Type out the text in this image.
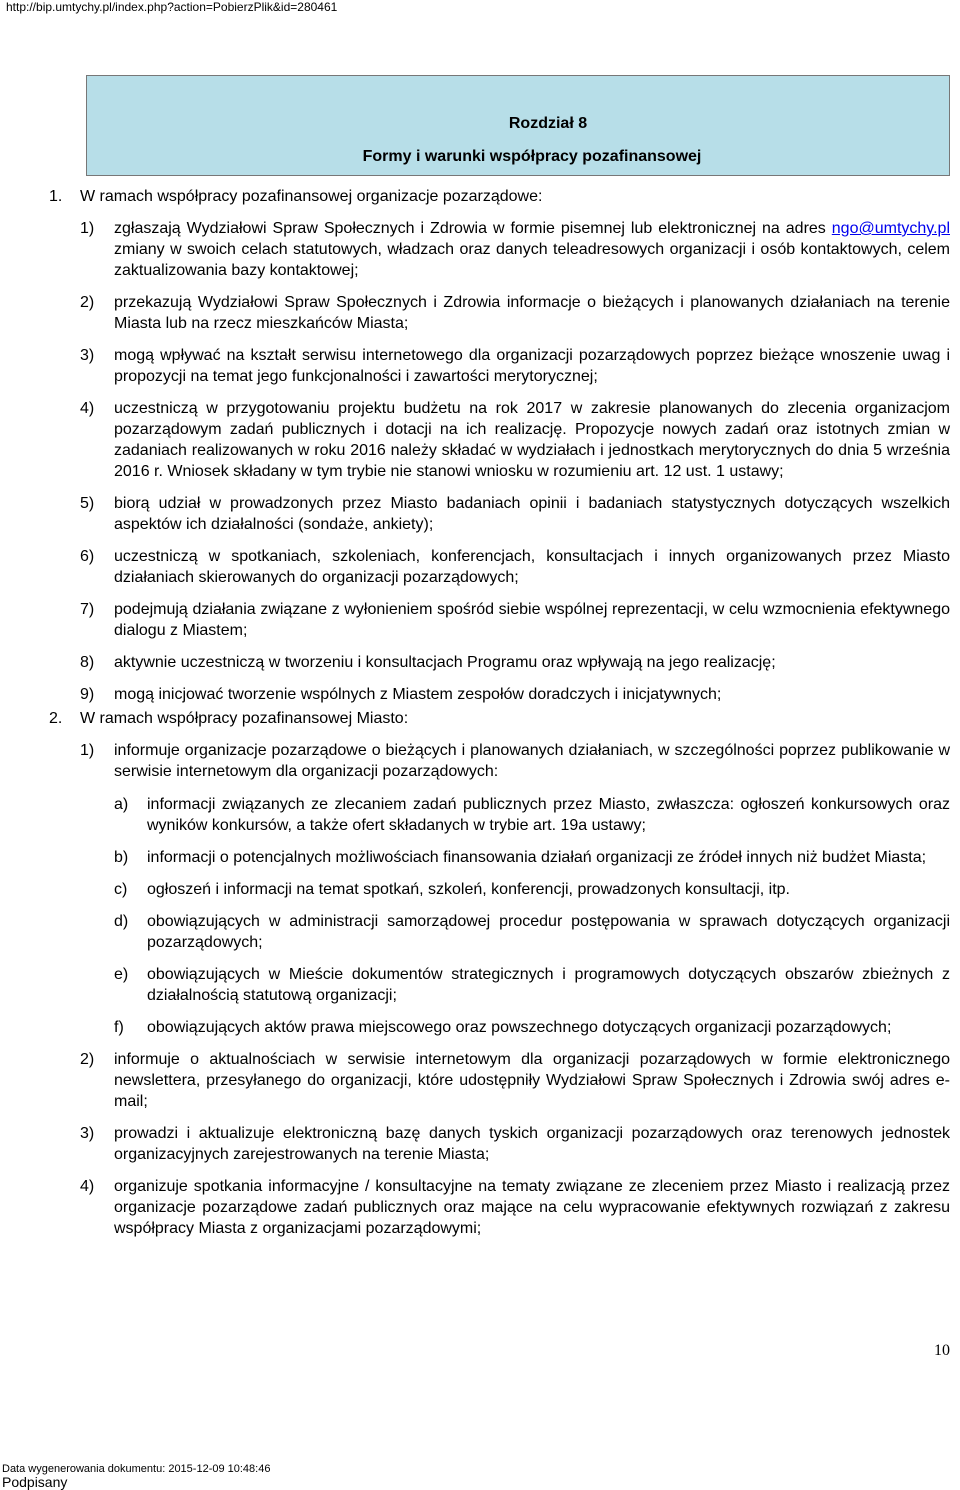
http://bip.umtychy.pl/index.php?action=PobierzPlik&id=280461
Rozdział 8
Formy i warunki współpracy pozafinansowej
1. W ramach współpracy pozafinansowej organizacje pozarządowe:
1) zgłaszają Wydziałowi Spraw Społecznych i Zdrowia w formie pisemnej lub elektronicznej na adres ngo@umtychy.pl zmiany w swoich celach statutowych, władzach oraz danych teleadresowych organizacji i osób kontaktowych, celem zaktualizowania bazy kontaktowej;
2) przekazują Wydziałowi Spraw Społecznych i Zdrowia informacje o bieżących i planowanych działaniach na terenie Miasta lub na rzecz mieszkańców Miasta;
3) mogą wpływać na kształt serwisu internetowego dla organizacji pozarządowych poprzez bieżące wnoszenie uwag i propozycji na temat jego funkcjonalności i zawartości merytorycznej;
4) uczestniczą w przygotowaniu projektu budżetu na rok 2017 w zakresie planowanych do zlecenia organizacjom pozarządowym zadań publicznych i dotacji na ich realizację. Propozycje nowych zadań oraz istotnych zmian w zadaniach realizowanych w roku 2016 należy składać w wydziałach i jednostkach merytorycznych do dnia 5 września 2016 r. Wniosek składany w tym trybie nie stanowi wniosku w rozumieniu art. 12 ust. 1 ustawy;
5) biorą udział w prowadzonych przez Miasto badaniach opinii i badaniach statystycznych dotyczących wszelkich aspektów ich działalności (sondaże, ankiety);
6) uczestniczą w spotkaniach, szkoleniach, konferencjach, konsultacjach i innych organizowanych przez Miasto działaniach skierowanych do organizacji pozarządowych;
7) podejmują działania związane z wyłonieniem spośród siebie wspólnej reprezentacji, w celu wzmocnienia efektywnego dialogu z Miastem;
8) aktywnie uczestniczą w tworzeniu i konsultacjach Programu oraz wpływają na jego realizację;
9) mogą inicjować tworzenie wspólnych z Miastem zespołów doradczych i inicjatywnych;
2. W ramach współpracy pozafinansowej Miasto:
1) informuje organizacje pozarządowe o bieżących i planowanych działaniach, w szczególności poprzez publikowanie w serwisie internetowym dla organizacji pozarządowych:
a) informacji związanych ze zlecaniem zadań publicznych przez Miasto, zwłaszcza: ogłoszeń konkursowych oraz wyników konkursów, a także ofert składanych w trybie art. 19a ustawy;
b) informacji o potencjalnych możliwościach finansowania działań organizacji ze źródeł innych niż budżet Miasta;
c) ogłoszeń i informacji na temat spotkań, szkoleń, konferencji, prowadzonych konsultacji, itp.
d) obowiązujących w administracji samorządowej procedur postępowania w sprawach dotyczących organizacji pozarządowych;
e) obowiązujących w Mieście dokumentów strategicznych i programowych dotyczących obszarów zbieżnych z działalnością statutową organizacji;
f) obowiązujących aktów prawa miejscowego oraz powszechnego dotyczących organizacji pozarządowych;
2) informuje o aktualnościach w serwisie internetowym dla organizacji pozarządowych w formie elektronicznego newslettera, przesyłanego do organizacji, które udostępniły Wydziałowi Spraw Społecznych i Zdrowia swój adres e-mail;
3) prowadzi i aktualizuje elektroniczną bazę danych tyskich organizacji pozarządowych oraz terenowych jednostek organizacyjnych zarejestrowanych na terenie Miasta;
4) organizuje spotkania informacyjne / konsultacyjne na tematy związane ze zleceniem przez Miasto i realizacją przez organizacje pozarządowe zadań publicznych oraz mające na celu wypracowanie efektywnych rozwiązań z zakresu współpracy Miasta z organizacjami pozarządowymi;
10
Data wygenerowania dokumentu: 2015-12-09 10:48:46
Podpisany
